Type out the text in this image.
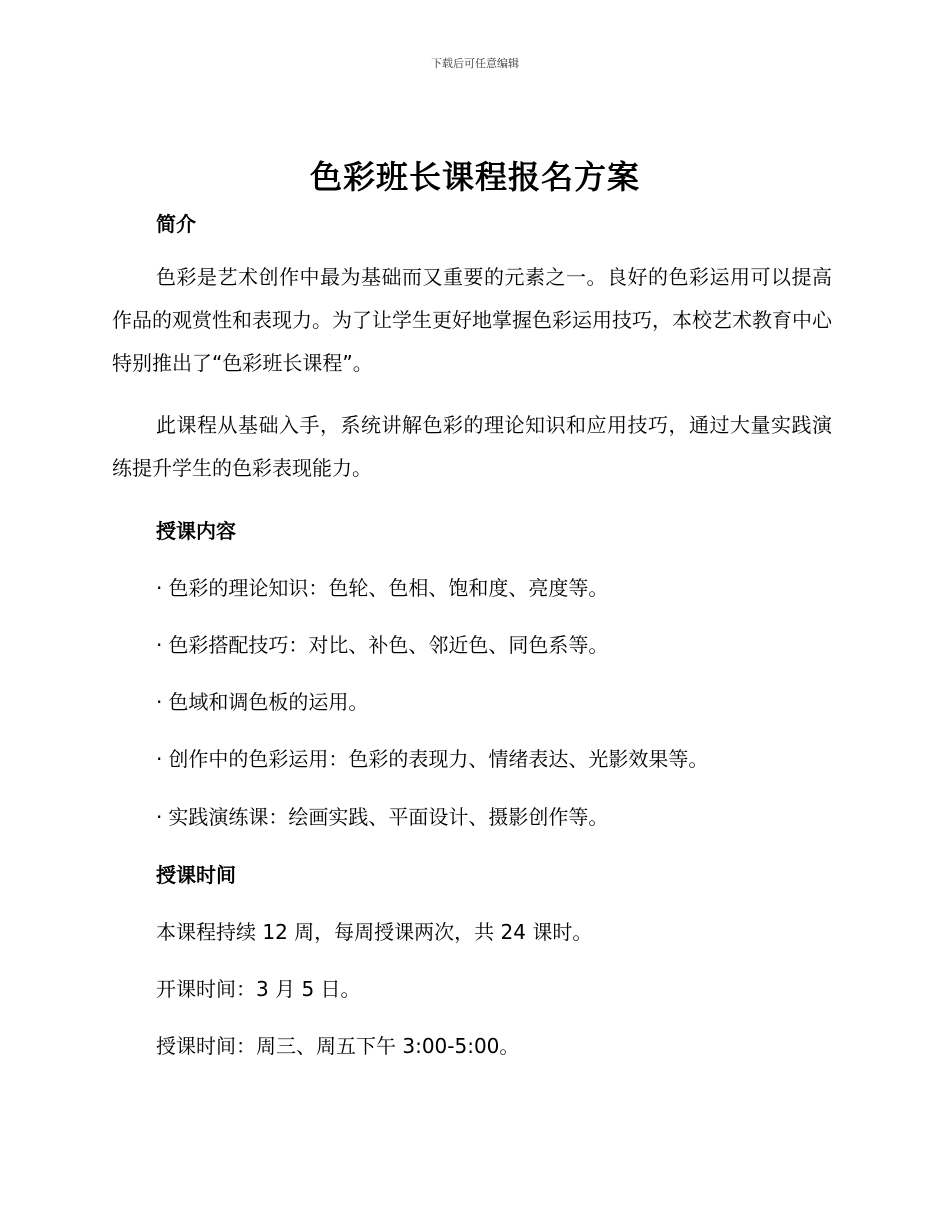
下载后可任意编辑
色彩班长课程报名方案
简介
色彩是艺术创作中最为基础而又重要的元素之一。良好的色彩运用可以提高作品的观赏性和表现力。为了让学生更好地掌握色彩运用技巧，本校艺术教育中心特别推出了“色彩班长课程”。
此课程从基础入手，系统讲解色彩的理论知识和应用技巧，通过大量实践演练提升学生的色彩表现能力。
授课内容
· 色彩的理论知识：色轮、色相、饱和度、亮度等。
· 色彩搭配技巧：对比、补色、邻近色、同色系等。
· 色域和调色板的运用。
· 创作中的色彩运用：色彩的表现力、情绪表达、光影效果等。
· 实践演练课：绘画实践、平面设计、摄影创作等。
授课时间
本课程持续 12 周，每周授课两次，共 24 课时。
开课时间：3 月 5 日。
授课时间：周三、周五下午 3:00-5:00。
